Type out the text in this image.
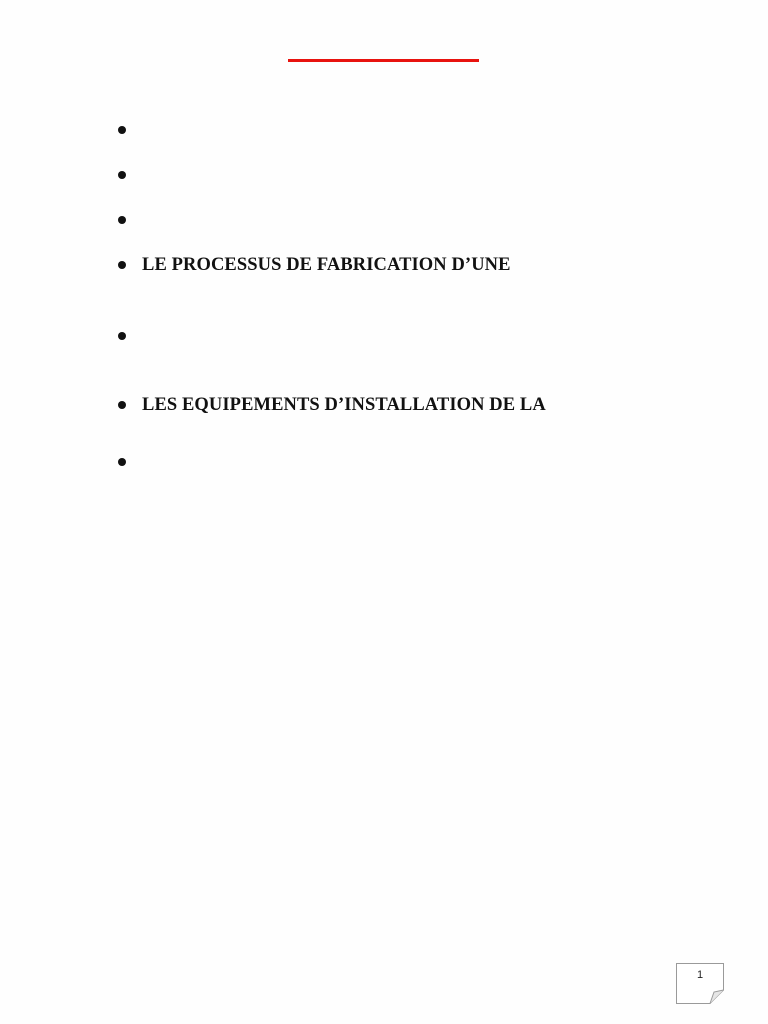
LE PROCESSUS DE FABRICATION D’UNE
LES EQUIPEMENTS D’INSTALLATION DE LA
1
